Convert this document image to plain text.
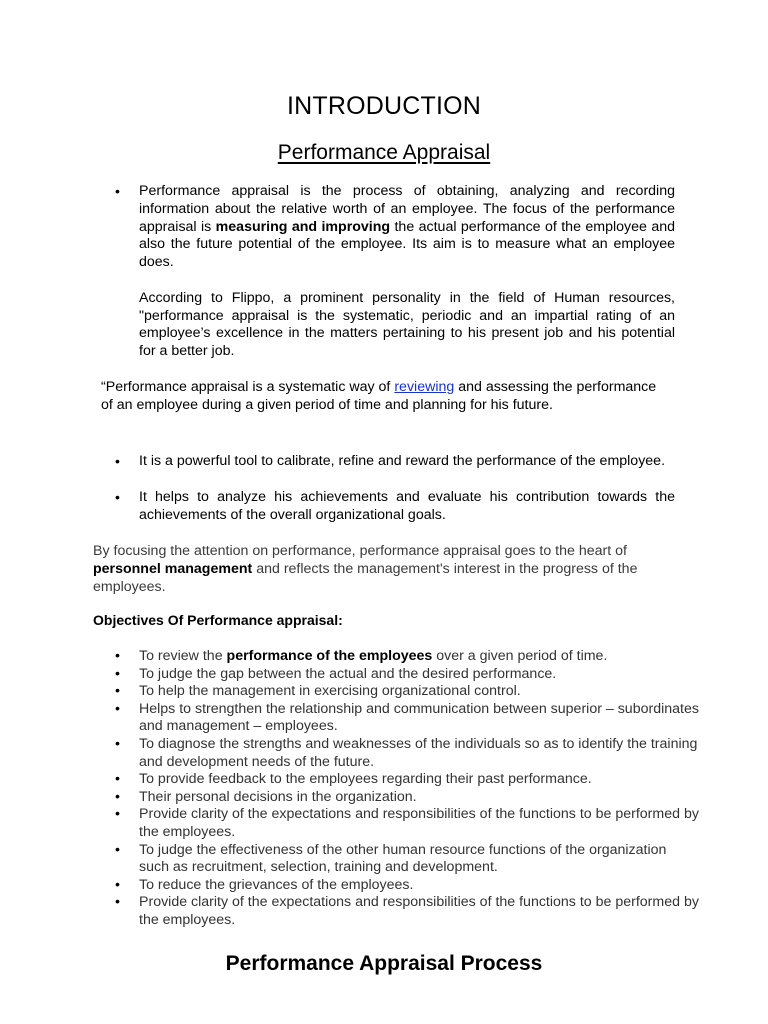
INTRODUCTION
Performance Appraisal
• Performance appraisal is the process of obtaining, analyzing and recording information about the relative worth of an employee. The focus of the performance appraisal is measuring and improving the actual performance of the employee and also the future potential of the employee. Its aim is to measure what an employee does.
According to Flippo, a prominent personality in the field of Human resources, "performance appraisal is the systematic, periodic and an impartial rating of an employee’s excellence in the matters pertaining to his present job and his potential for a better job.
“Performance appraisal is a systematic way of reviewing and assessing the performance of an employee during a given period of time and planning for his future.
• It is a powerful tool to calibrate, refine and reward the performance of the employee.
• It helps to analyze his achievements and evaluate his contribution towards the achievements of the overall organizational goals.
By focusing the attention on performance, performance appraisal goes to the heart of personnel management and reflects the management's interest in the progress of the employees.
Objectives Of Performance appraisal:
• To review the performance of the employees over a given period of time.
• To judge the gap between the actual and the desired performance.
• To help the management in exercising organizational control.
• Helps to strengthen the relationship and communication between superior – subordinates and management – employees.
• To diagnose the strengths and weaknesses of the individuals so as to identify the training and development needs of the future.
• To provide feedback to the employees regarding their past performance.
• Their personal decisions in the organization.
• Provide clarity of the expectations and responsibilities of the functions to be performed by the employees.
• To judge the effectiveness of the other human resource functions of the organization such as recruitment, selection, training and development.
• To reduce the grievances of the employees.
• Provide clarity of the expectations and responsibilities of the functions to be performed by the employees.
Performance Appraisal Process
